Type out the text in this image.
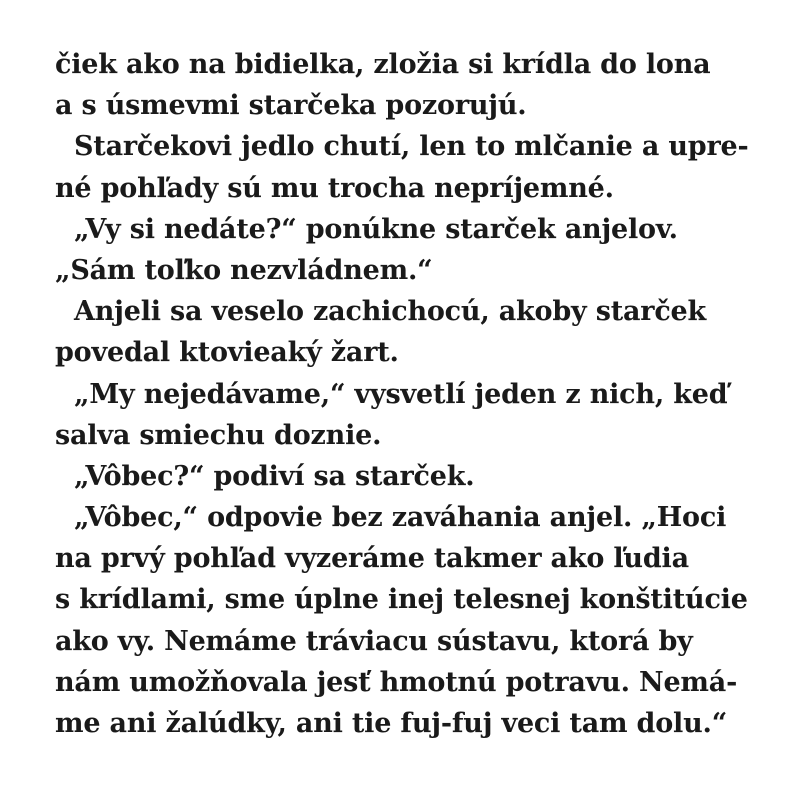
čiek ako na bidielka, zložia si krídla do lona
a s úsmevmi starčeka pozorujú.
Starčekovi jedlo chutí, len to mlčanie a upre-
né pohľady sú mu trocha nepríjemné.
„Vy si nedáte?“ ponúkne starček anjelov.
„Sám toľko nezvládnem.“
Anjeli sa veselo zachichocú, akoby starček
povedal ktovieaký žart.
„My nejedávame,“ vysvetlí jeden z nich, keď
salva smiechu doznie.
„Vôbec?“ podiví sa starček.
„Vôbec,“ odpovie bez zaváhania anjel. „Hoci
na prvý pohľad vyzeráme takmer ako ľudia
s krídlami, sme úplne inej telesnej konštitúcie
ako vy. Nemáme tráviacu sústavu, ktorá by
nám umožňovala jesť hmotnú potravu. Nemá-
me ani žalúdky, ani tie fuj-fuj veci tam dolu.“
